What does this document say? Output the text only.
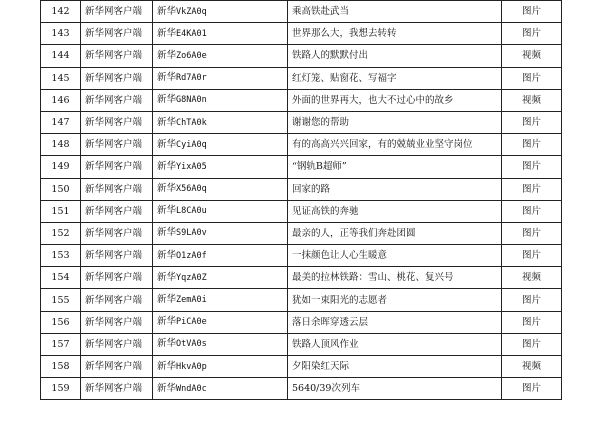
142	新华网客户端	新华VkZA0q	乘高铁赴武当	图片
143	新华网客户端	新华E4KA01	世界那么大，我想去转转	图片
144	新华网客户端	新华Zo6A0e	铁路人的默默付出	视频
145	新华网客户端	新华Rd7A0r	红灯笼、贴窗花、写福字	图片
146	新华网客户端	新华G8NA0n	外面的世界再大，也大不过心中的故乡	视频
147	新华网客户端	新华ChTA0k	谢谢您的帮助	图片
148	新华网客户端	新华CyiA0q	有的高高兴兴回家，有的兢兢业业坚守岗位	图片
149	新华网客户端	新华YixA05	“钢轨B超师”	图片
150	新华网客户端	新华X56A0q	回家的路	图片
151	新华网客户端	新华L8CA0u	见证高铁的奔驰	图片
152	新华网客户端	新华S9LA0v	最亲的人，正等我们奔赴团圆	图片
153	新华网客户端	新华O1zA0f	一抹颜色让人心生暖意	图片
154	新华网客户端	新华YqzA0Z	最美的拉林铁路：雪山、桃花、复兴号	视频
155	新华网客户端	新华ZemA0i	犹如一束阳光的志愿者	图片
156	新华网客户端	新华PiCA0e	落日余晖穿透云层	图片
157	新华网客户端	新华OtVA0s	铁路人顶风作业	图片
158	新华网客户端	新华HkvA0p	夕阳染红天际	视频
159	新华网客户端	新华WndA0c	5640/39次列车	图片
